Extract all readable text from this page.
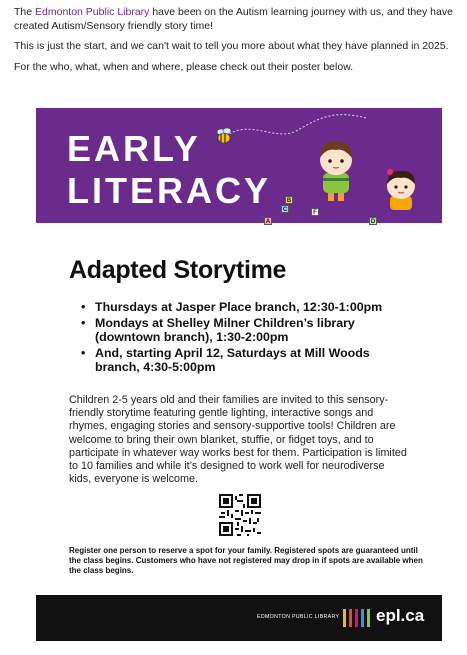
The Edmonton Public Library have been on the Autism learning journey with us, and they have created Autism/Sensory friendly story time!

This is just the start, and we can't wait to tell you more about what they have planned in 2025.

For the who, what, when and where, please check out their poster below.

EARLY
LITERACY	B
C	F
A	D
Adapted Storytime
• Thursdays at Jasper Place branch, 12:30-1:00pm
• Mondays at Shelley Milner Children’s library (downtown branch), 1:30-2:00pm
• And, starting April 12, Saturdays at Mill Woods branch, 4:30-5:00pm
Children 2-5 years old and their families are invited to this sensory-friendly storytime featuring gentle lighting, interactive songs and rhymes, engaging stories and sensory-supportive tools! Children are welcome to bring their own blanket, stuffie, or fidget toys, and to participate in whatever way works best for them. Participation is limited to 10 families and while it’s designed to work well for neurodiverse kids, everyone is welcome.
Register one person to reserve a spot for your family. Registered spots are guaranteed until the class begins. Customers who have not registered may drop in if spots are available when the class begins.
EDMONTON PUBLIC LIBRARY epl.ca
